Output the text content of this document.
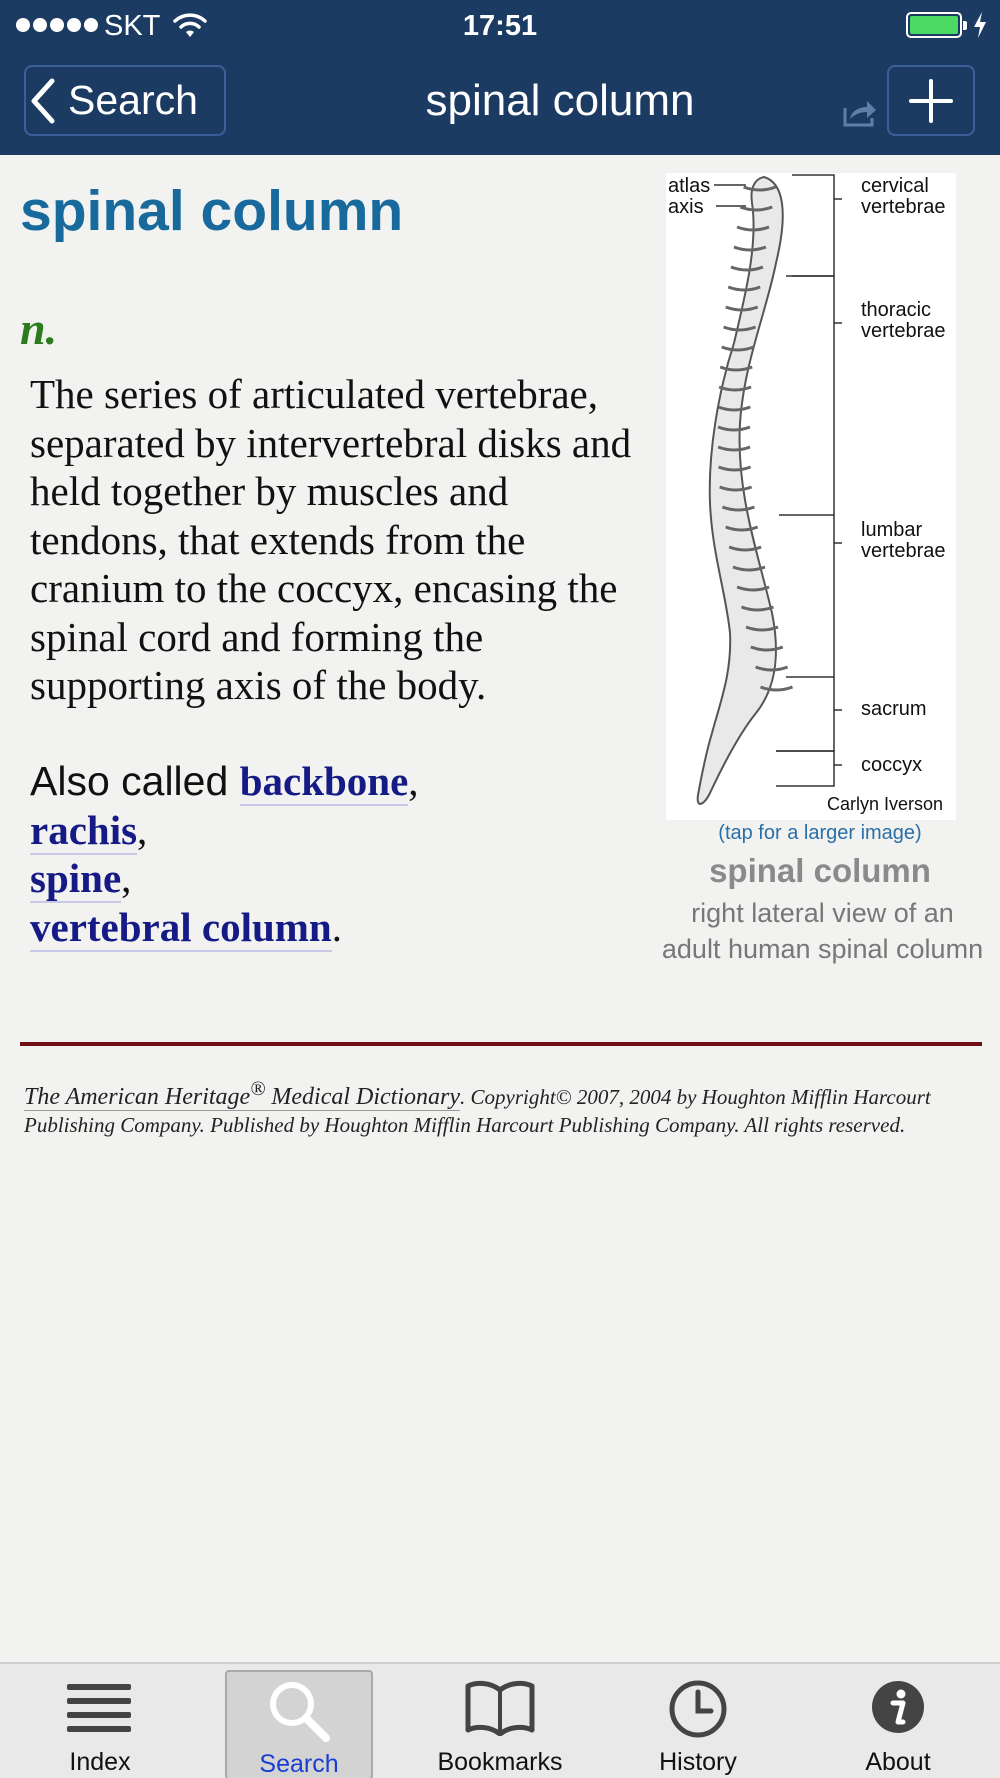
SKT	17:51
Search	spinal column
spinal column
n.
The series of articulated vertebrae, separated by intervertebral disks and held together by muscles and tendons, that extends from the cranium to the coccyx, encasing the spinal cord and forming the supporting axis of the body.
Also called backbone,
rachis,
spine,
vertebral column.
atlas
axis
cervical
vertebrae
thoracic
vertebrae
lumbar
vertebrae
sacrum
coccyx
Carlyn Iverson
(tap for a larger image)
spinal column
right lateral view of an adult human spinal column
The American Heritage® Medical Dictionary. Copyright© 2007, 2004 by Houghton Mifflin Harcourt Publishing Company. Published by Houghton Mifflin Harcourt Publishing Company. All rights reserved.
Index	Search	Bookmarks	History	About
